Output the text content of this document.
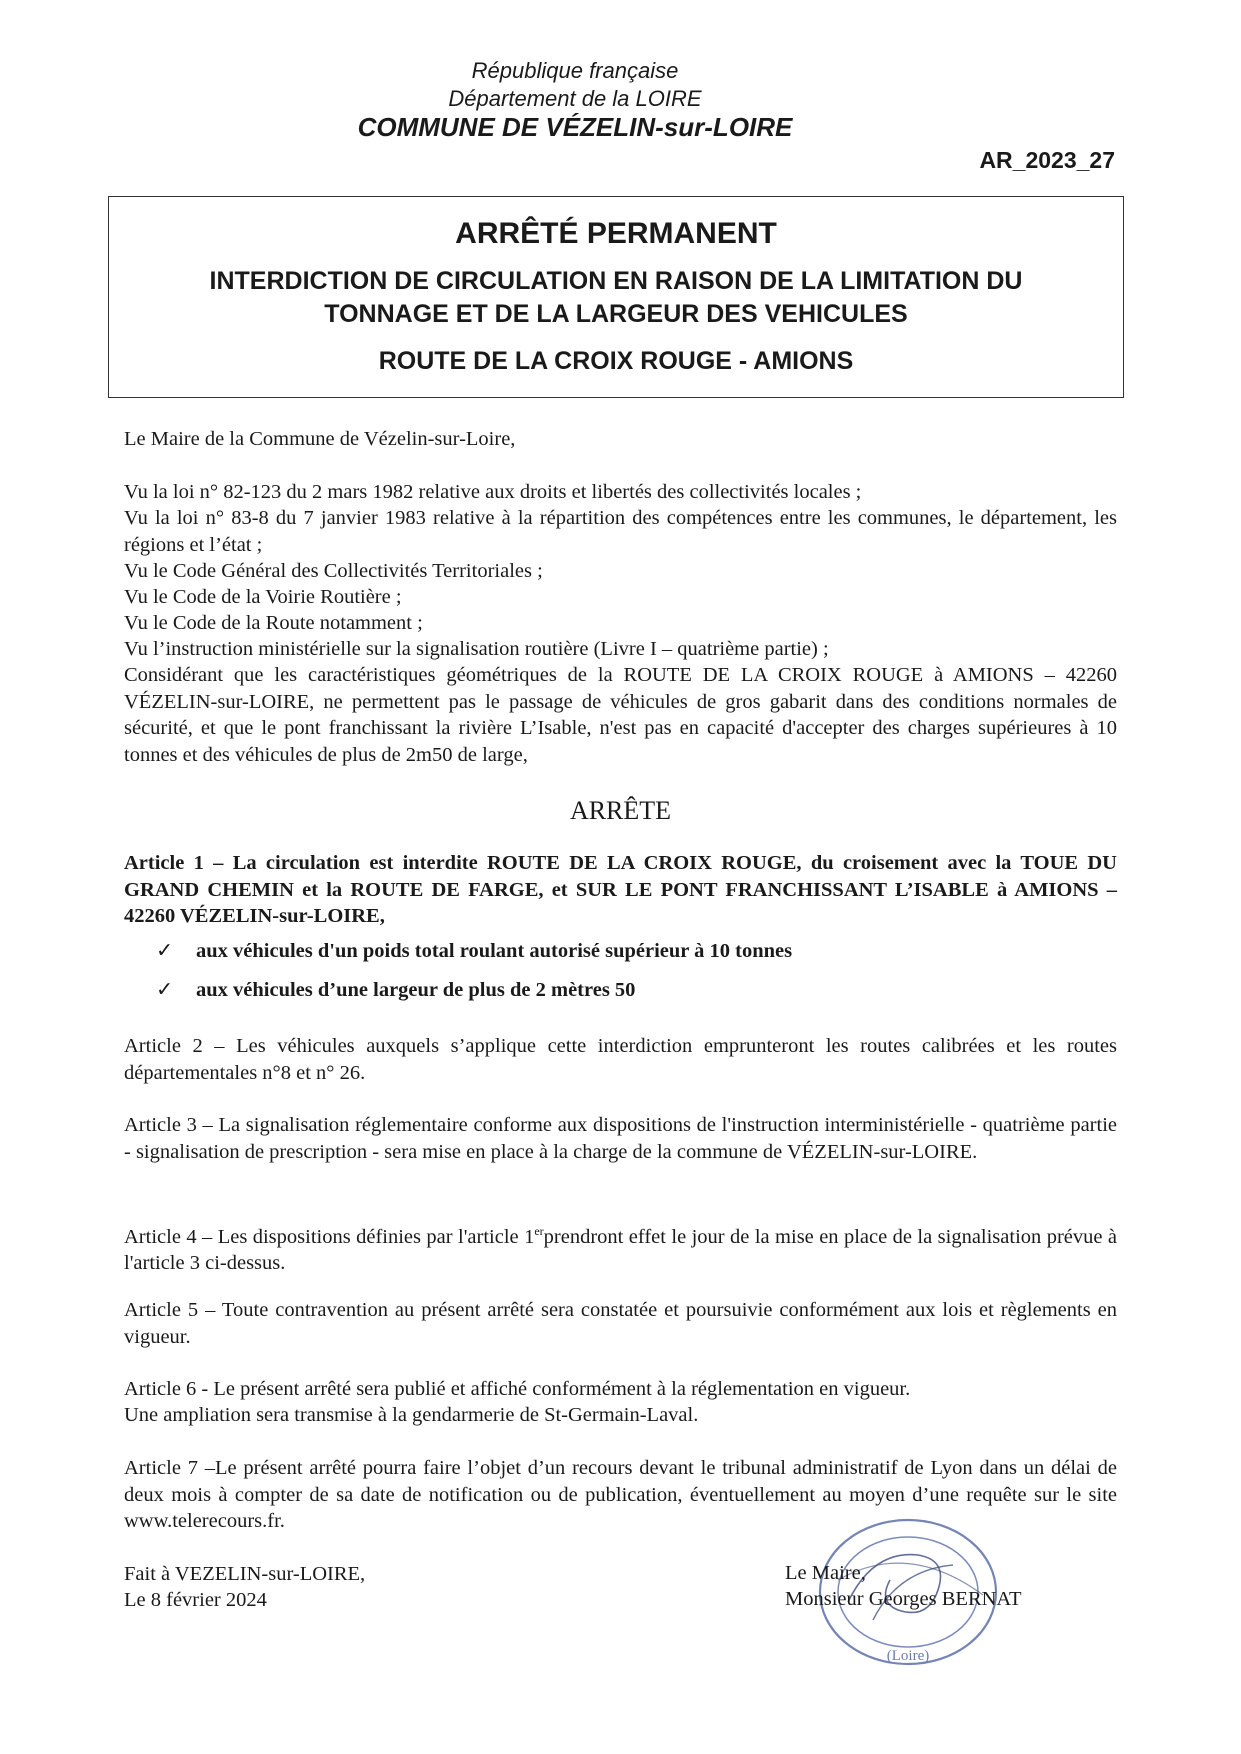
République française
Département de la LOIRE
COMMUNE DE VÉZELIN-sur-LOIRE
AR_2023_27
ARRÊTÉ PERMANENT
INTERDICTION DE CIRCULATION EN RAISON DE LA LIMITATION DU
TONNAGE ET DE LA LARGEUR DES VEHICULES
ROUTE DE LA CROIX ROUGE - AMIONS

Le Maire de la Commune de Vézelin-sur-Loire,

Vu la loi n° 82-123 du 2 mars 1982 relative aux droits et libertés des collectivités locales ;

Vu la loi n° 83-8 du 7 janvier 1983 relative à la répartition des compétences entre les communes, le département, les régions et l’état ;

Vu le Code Général des Collectivités Territoriales ;

Vu le Code de la Voirie Routière ;

Vu le Code de la Route notamment ;

Vu l’instruction ministérielle sur la signalisation routière (Livre I – quatrième partie) ;

Considérant que les caractéristiques géométriques de la ROUTE DE LA CROIX ROUGE à AMIONS – 42260 VÉZELIN-sur-LOIRE, ne permettent pas le passage de véhicules de gros gabarit dans des conditions normales de sécurité, et que le pont franchissant la rivière L’Isable, n'est pas en capacité d'accepter des charges supérieures à 10 tonnes et des véhicules de plus de 2m50 de large,

ARRÊTE

Article 1 – La circulation est interdite ROUTE DE LA CROIX ROUGE, du croisement avec la TOUE DU GRAND CHEMIN et la ROUTE DE FARGE, et SUR LE PONT FRANCHISSANT L’ISABLE à AMIONS – 42260 VÉZELIN-sur-LOIRE,

✓ aux véhicules d'un poids total roulant autorisé supérieur à 10 tonnes
✓ aux véhicules d’une largeur de plus de 2 mètres 50

Article 2 – Les véhicules auxquels s’applique cette interdiction emprunteront les routes calibrées et les routes départementales n°8 et n° 26.

Article 3 – La signalisation réglementaire conforme aux dispositions de l'instruction interministérielle - quatrième partie - signalisation de prescription - sera mise en place à la charge de la commune de VÉZELIN-sur-LOIRE.

Article 4 – Les dispositions définies par l'article 1erprendront effet le jour de la mise en place de la signalisation prévue à l'article 3 ci-dessus.

Article 5 – Toute contravention au présent arrêté sera constatée et poursuivie conformément aux lois et règlements en vigueur.

Article 6 - Le présent arrêté sera publié et affiché conformément à la réglementation en vigueur.

Une ampliation sera transmise à la gendarmerie de St-Germain-Laval.

Article 7 –Le présent arrêté pourra faire l’objet d’un recours devant le tribunal administratif de Lyon dans un délai de deux mois à compter de sa date de notification ou de publication, éventuellement au moyen d’une requête sur le site www.telerecours.fr.

Fait à VEZELIN-sur-LOIRE,

Le 8 février 2024

(Loire)

Le Maire,

Monsieur Georges BERNAT
